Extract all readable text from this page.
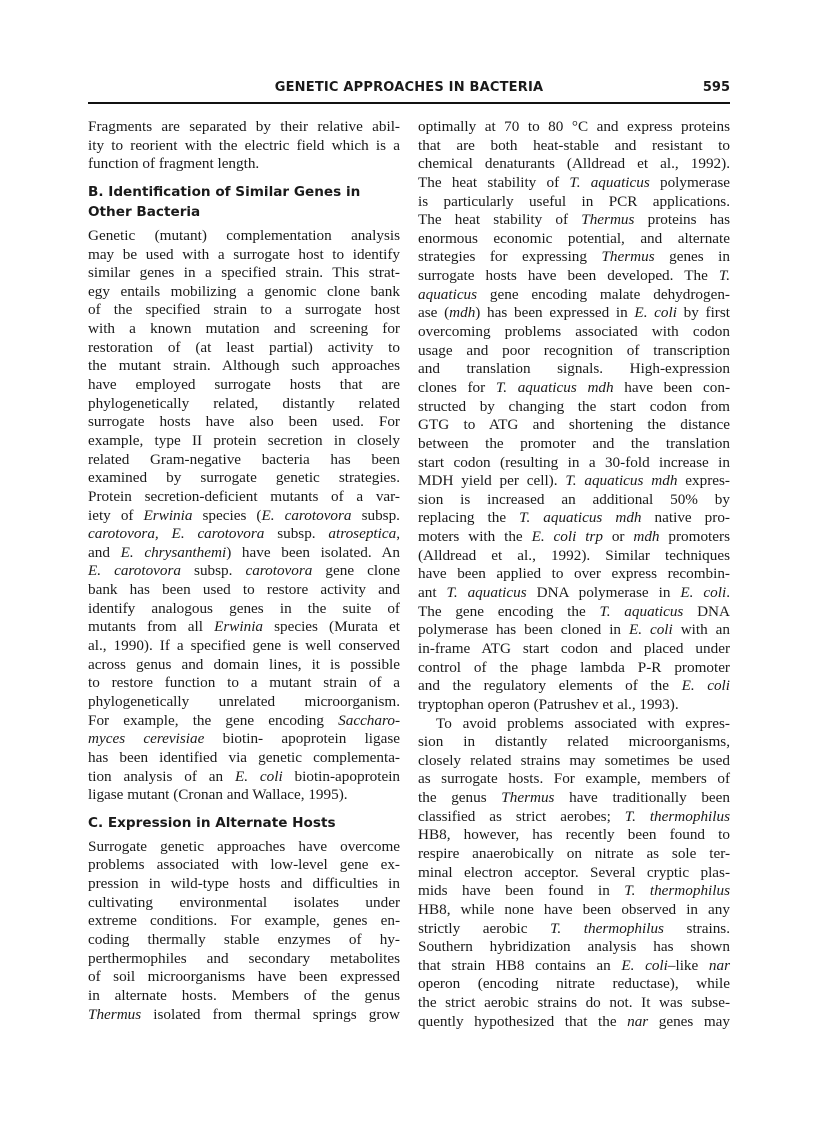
GENETIC APPROACHES IN BACTERIA	595
Fragments are separated by their relative abil-
ity to reorient with the electric field which is a
function of fragment length.
B. Identification of Similar Genes in
Other Bacteria
Genetic (mutant) complementation analysis
may be used with a surrogate host to identify
similar genes in a specified strain. This strat-
egy entails mobilizing a genomic clone bank
of the specified strain to a surrogate host
with a known mutation and screening for
restoration of (at least partial) activity to
the mutant strain. Although such approaches
have employed surrogate hosts that are
phylogenetically related, distantly related
surrogate hosts have also been used. For
example, type II protein secretion in closely
related Gram-negative bacteria has been
examined by surrogate genetic strategies.
Protein secretion-deficient mutants of a var-
iety of Erwinia species (E. carotovora subsp.
carotovora, E. carotovora subsp. atroseptica,
and E. chrysanthemi) have been isolated. An
E. carotovora subsp. carotovora gene clone
bank has been used to restore activity and
identify analogous genes in the suite of
mutants from all Erwinia species (Murata et
al., 1990). If a specified gene is well conserved
across genus and domain lines, it is possible
to restore function to a mutant strain of a
phylogenetically unrelated microorganism.
For example, the gene encoding Saccharo-
myces cerevisiae biotin- apoprotein ligase
has been identified via genetic complementa-
tion analysis of an E. coli biotin-apoprotein
ligase mutant (Cronan and Wallace, 1995).
C. Expression in Alternate Hosts
Surrogate genetic approaches have overcome
problems associated with low-level gene ex-
pression in wild-type hosts and difficulties in
cultivating environmental isolates under
extreme conditions. For example, genes en-
coding thermally stable enzymes of hy-
perthermophiles and secondary metabolites
of soil microorganisms have been expressed
in alternate hosts. Members of the genus
Thermus isolated from thermal springs grow
optimally at 70 to 80 °C and express proteins
that are both heat-stable and resistant to
chemical denaturants (Alldread et al., 1992).
The heat stability of T. aquaticus polymerase
is particularly useful in PCR applications.
The heat stability of Thermus proteins has
enormous economic potential, and alternate
strategies for expressing Thermus genes in
surrogate hosts have been developed. The T.
aquaticus gene encoding malate dehydrogen-
ase (mdh) has been expressed in E. coli by first
overcoming problems associated with codon
usage and poor recognition of transcription
and translation signals. High-expression
clones for T. aquaticus mdh have been con-
structed by changing the start codon from
GTG to ATG and shortening the distance
between the promoter and the translation
start codon (resulting in a 30-fold increase in
MDH yield per cell). T. aquaticus mdh expres-
sion is increased an additional 50% by
replacing the T. aquaticus mdh native pro-
moters with the E. coli trp or mdh promoters
(Alldread et al., 1992). Similar techniques
have been applied to over express recombin-
ant T. aquaticus DNA polymerase in E. coli.
The gene encoding the T. aquaticus DNA
polymerase has been cloned in E. coli with an
in-frame ATG start codon and placed under
control of the phage lambda P-R promoter
and the regulatory elements of the E. coli
tryptophan operon (Patrushev et al., 1993).
To avoid problems associated with expres-
sion in distantly related microorganisms,
closely related strains may sometimes be used
as surrogate hosts. For example, members of
the genus Thermus have traditionally been
classified as strict aerobes; T. thermophilus
HB8, however, has recently been found to
respire anaerobically on nitrate as sole ter-
minal electron acceptor. Several cryptic plas-
mids have been found in T. thermophilus
HB8, while none have been observed in any
strictly aerobic T. thermophilus strains.
Southern hybridization analysis has shown
that strain HB8 contains an E. coli–like nar
operon (encoding nitrate reductase), while
the strict aerobic strains do not. It was subse-
quently hypothesized that the nar genes may
